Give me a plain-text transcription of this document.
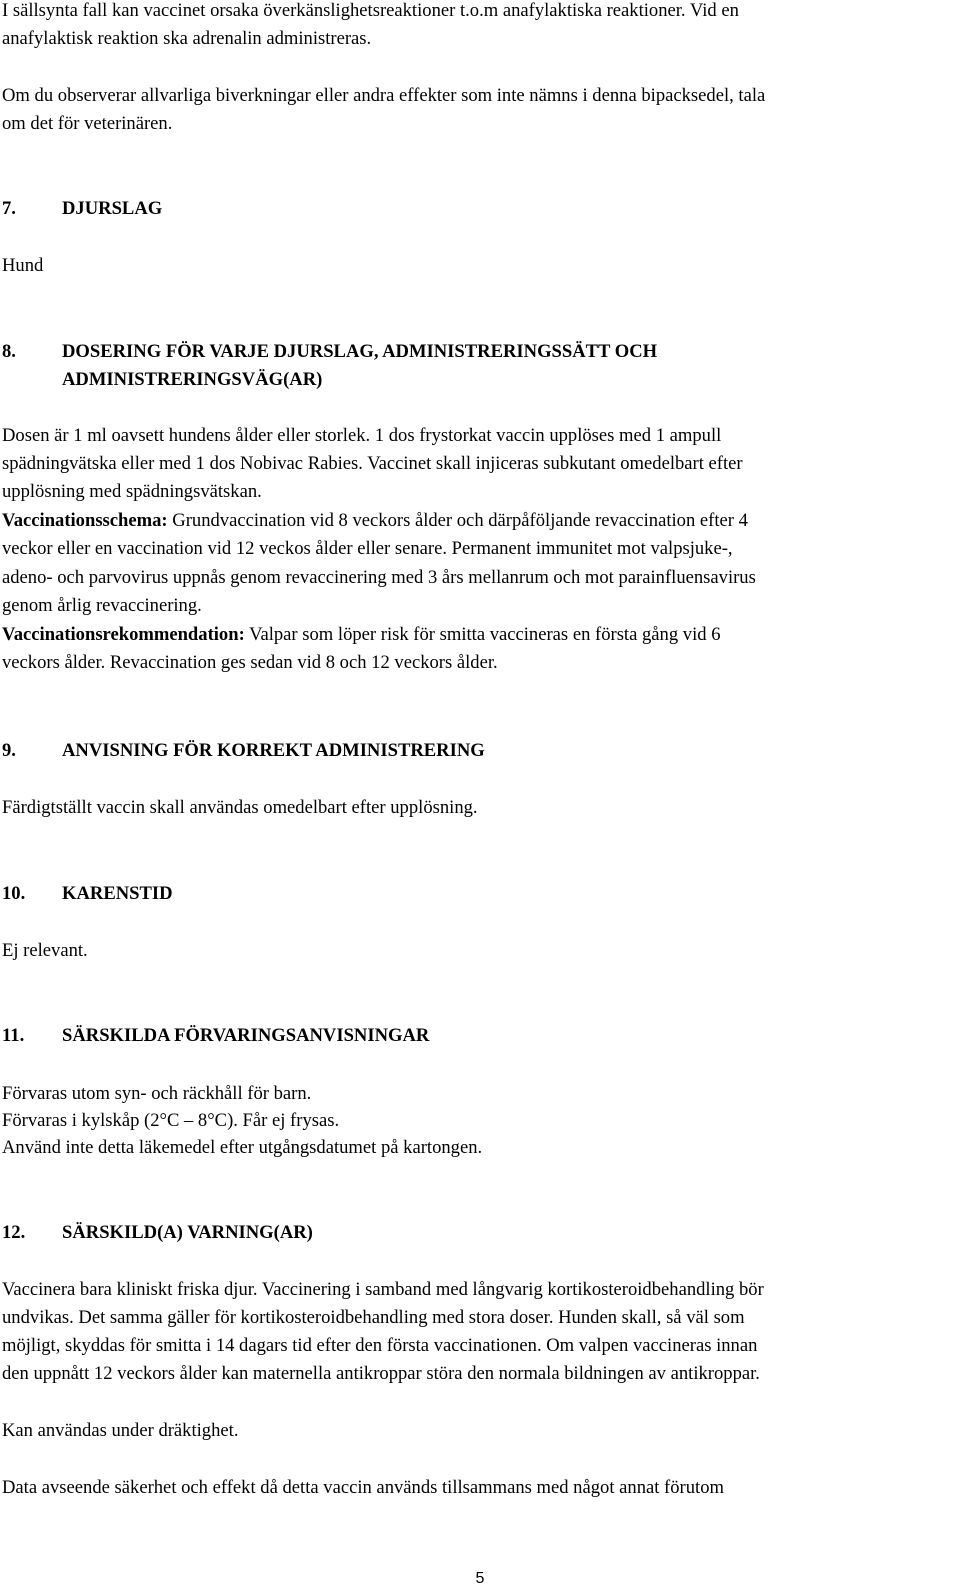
I sällsynta fall kan vaccinet orsaka överkänslighetsreaktioner t.o.m anafylaktiska reaktioner. Vid en

anafylaktisk reaktion ska adrenalin administreras.

Om du observerar allvarliga biverkningar eller andra effekter som inte nämns i denna bipacksedel, tala

om det för veterinären.

7. DJURSLAG

Hund

8. DOSERING FÖR VARJE DJURSLAG, ADMINISTRERINGSSÄTT OCH

ADMINISTRERINGSVÄG(AR)

Dosen är 1 ml oavsett hundens ålder eller storlek. 1 dos frystorkat vaccin upplöses med 1 ampull

spädningvätska eller med 1 dos Nobivac Rabies. Vaccinet skall injiceras subkutant omedelbart efter

upplösning med spädningsvätskan.

Vaccinationsschema: Grundvaccination vid 8 veckors ålder och därpåföljande revaccination efter 4

veckor eller en vaccination vid 12 veckos ålder eller senare. Permanent immunitet mot valpsjuke-,

adeno- och parvovirus uppnås genom revaccinering med 3 års mellanrum och mot parainfluensavirus

genom årlig revaccinering.

Vaccinationsrekommendation: Valpar som löper risk för smitta vaccineras en första gång vid 6

veckors ålder. Revaccination ges sedan vid 8 och 12 veckors ålder.

9. ANVISNING FÖR KORREKT ADMINISTRERING

Färdigtställt vaccin skall användas omedelbart efter upplösning.

10. KARENSTID

Ej relevant.

11. SÄRSKILDA FÖRVARINGSANVISNINGAR

Förvaras utom syn- och räckhåll för barn.

Förvaras i kylskåp (2°C – 8°C). Får ej frysas.

Använd inte detta läkemedel efter utgångsdatumet på kartongen.

12. SÄRSKILD(A) VARNING(AR)

Vaccinera bara kliniskt friska djur. Vaccinering i samband med långvarig kortikosteroidbehandling bör

undvikas. Det samma gäller för kortikosteroidbehandling med stora doser. Hunden skall, så väl som

möjligt, skyddas för smitta i 14 dagars tid efter den första vaccinationen. Om valpen vaccineras innan

den uppnått 12 veckors ålder kan maternella antikroppar störa den normala bildningen av antikroppar.

Kan användas under dräktighet.

Data avseende säkerhet och effekt då detta vaccin används tillsammans med något annat förutom

5
